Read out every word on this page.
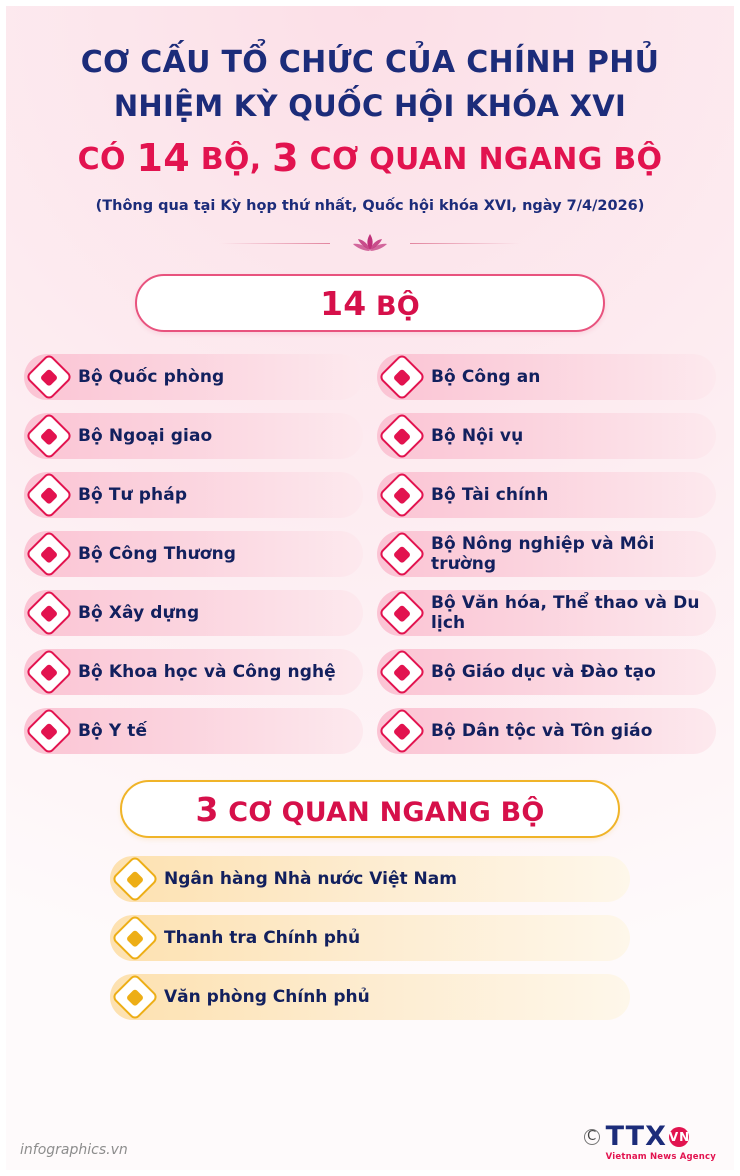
CƠ CẤU TỔ CHỨC CỦA CHÍNH PHỦ
NHIỆM KỲ QUỐC HỘI KHÓA XVI
CÓ 14 BỘ, 3 CƠ QUAN NGANG BỘ
(Thông qua tại Kỳ họp thứ nhất, Quốc hội khóa XVI, ngày 7/4/2026)
14 BỘ
Bộ Quốc phòng	Bộ Công an
Bộ Ngoại giao	Bộ Nội vụ
Bộ Tư pháp	Bộ Tài chính
Bộ Công Thương	Bộ Nông nghiệp và Môi trường
Bộ Xây dựng	Bộ Văn hóa, Thể thao và Du lịch
Bộ Khoa học và Công nghệ	Bộ Giáo dục và Đào tạo
Bộ Y tế	Bộ Dân tộc và Tôn giáo
3 CƠ QUAN NGANG BỘ
Ngân hàng Nhà nước Việt Nam
Thanh tra Chính phủ
Văn phòng Chính phủ
infographics.vn
C TTX VN
Vietnam News Agency
